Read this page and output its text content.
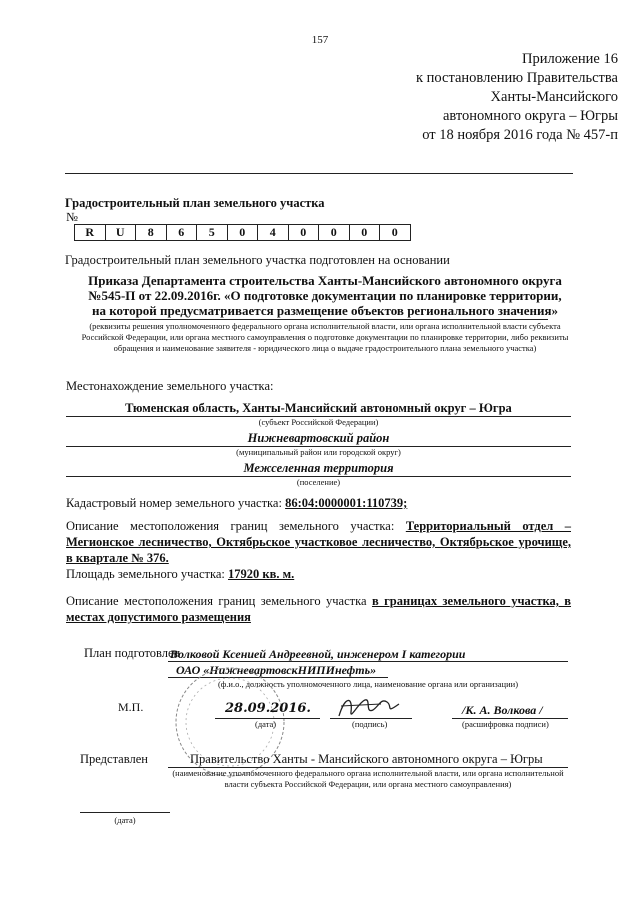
157
Приложение 16
к постановлению Правительства
Ханты-Мансийского
автономного округа – Югры
от 18 ноября 2016 года № 457-п
Градостроительный план земельного участка
№
R	U	8	6	5	0	4	0	0	0	0
Градостроительный план земельного участка подготовлен на основании
Приказа Департамента строительства Ханты-Мансийского автономного округа №545-П от 22.09.2016г. «О подготовке документации по планировке территории, на которой предусматривается размещение объектов регионального значения»
(реквизиты решения уполномоченного федерального органа исполнительной власти, или органа исполнительной власти субъекта Российской Федерации, или органа местного самоуправления о подготовке документации по планировке территории, либо реквизиты обращения и наименование заявителя - юридического лица о выдаче градостроительного плана земельного участка)
Местонахождение земельного участка:
Тюменская область, Ханты-Мансийский автономный округ – Югра
(субъект Российской Федерации)
Нижневартовский район
(муниципальный район или городской округ)
Межселенная территория
(поселение)
Кадастровый номер земельного участка: 86:04:0000001:110739;
Описание местоположения границ земельного участка: Территориальный отдел – Мегионское лесничество, Октябрьское участковое лесничество, Октябрьское урочище, в квартале № 376.
Площадь земельного участка: 17920 кв. м.
Описание местоположения границ земельного участка в границах земельного участка, в местах допустимого размещения
План подготовлен
Волковой Ксенией Андреевной, инженером I категории
ОАО «НижневартовскНИПИнефть»
(ф.и.о., должность уполномоченного лица, наименование органа или организации)
М.П.	28.09.2016.
(дата)	(подпись)
/К. А. Волкова /
(расшифровка подписи)
Представлен	Правительство Ханты - Мансийского автономного округа – Югры
(наименование уполномоченного федерального органа исполнительной власти, или органа исполнительной власти субъекта Российской Федерации, или органа местного самоуправления)
(дата)
